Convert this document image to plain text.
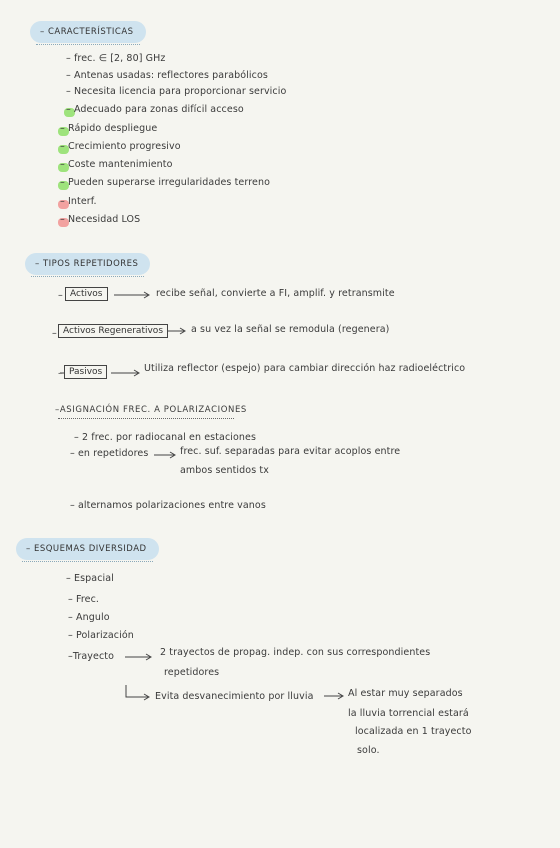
– CARACTERÍSTICAS
– frec. ∈ [2, 80] GHz
– Antenas usadas: reflectores parabólicos
– Necesita licencia para proporcionar servicio
– Adecuado para zonas difícil acceso
– Rápido despliegue
– Crecimiento progresivo
– Coste mantenimiento
– Pueden superarse irregularidades terreno
– Interf.
– Necesidad LOS
– TIPOS REPETIDORES
– Activos	recibe señal, convierte a FI, amplif. y retransmite
– Activos Regenerativos	a su vez la señal se remodula (regenera)
– Pasivos	Utiliza reflector (espejo) para cambiar dirección haz radioeléctrico
–ASIGNACIÓN FREC. A POLARIZACIONES
– 2 frec. por radiocanal en estaciones
– en repetidores	frec. suf. separadas para evitar acoplos entre
ambos sentidos tx
– alternamos polarizaciones entre vanos
– ESQUEMAS DIVERSIDAD
– Espacial
– Frec.
– Angulo
– Polarización
–Trayecto	2 trayectos de propag. indep. con sus correspondientes
repetidores
Evita desvanecimiento por lluvia	Al estar muy separados
la lluvia torrencial estará
localizada en 1 trayecto
solo.
